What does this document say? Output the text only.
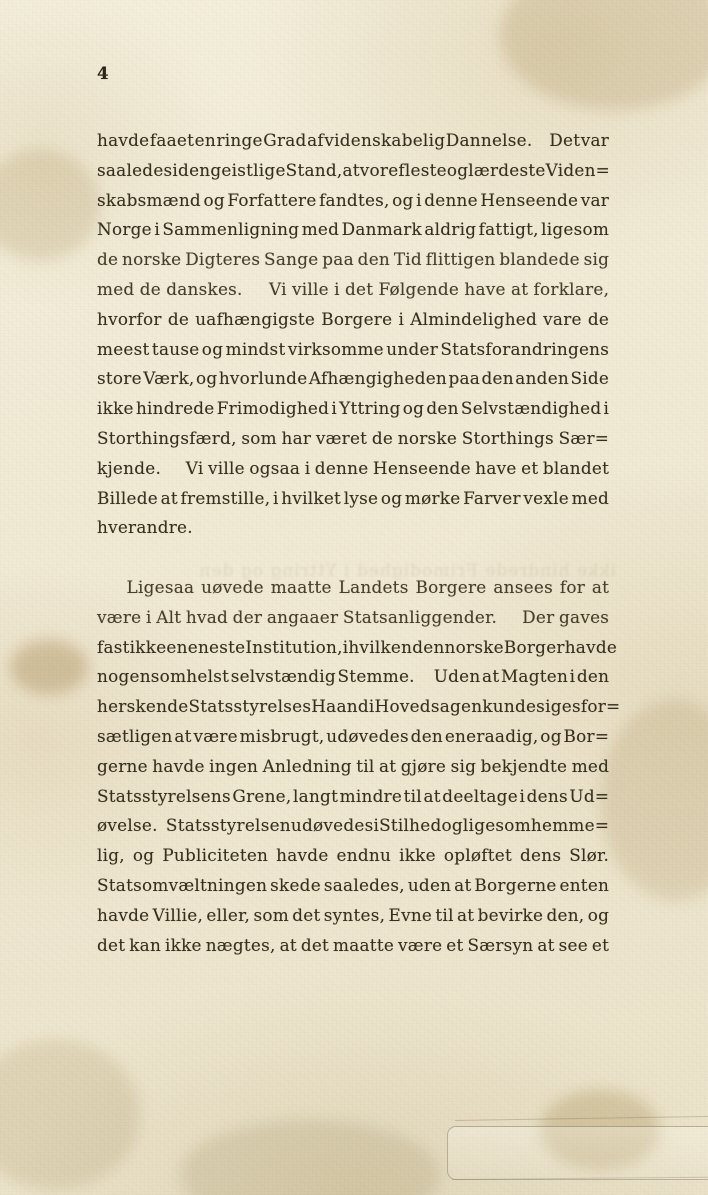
ikke hindrede Frimodighed i Yttring og den
4
havde faaet en ringe Grad af videnskabelig Dannelse. Det var
saaledes i den geistlige Stand, at vore fleste og lærdeste Viden=
skabsmænd og Forfattere fandtes, og i denne Henseende var
Norge i Sammenligning med Danmark aldrig fattigt, ligesom
de norske Digteres Sange paa den Tid flittigen blandede sig
med de danskes. Vi ville i det Følgende have at forklare,
hvorfor de uafhængigste Borgere i Almindelighed vare de
meest tause og mindst virksomme under Statsforandringens
store Værk, og hvorlunde Afhængigheden paa den anden Side
ikke hindrede Frimodighed i Yttring og den Selvstændighed i
Storthingsfærd, som har været de norske Storthings Sær=
kjende. Vi ville ogsaa i denne Henseende have et blandet
Billede at fremstille, i hvilket lyse og mørke Farver vexle med
hverandre.
Ligesaa uøvede maatte Landets Borgere ansees for at
være i Alt hvad der angaaer Statsanliggender. Der gaves
fast ikke en eneste Institution, i hvilken den norske Borger havde
nogensomhelst selvstændig Stemme. Uden at Magten i den
herskende Statsstyrelses Haand i Hovedsagen kunde siges for=
sætligen at være misbrugt, udøvedes den eneraadig, og Bor=
gerne havde ingen Anledning til at gjøre sig bekjendte med
Statsstyrelsens Grene, langt mindre til at deeltage i dens Ud=
øvelse. Statsstyrelsen udøvedes i Stilhed og ligesom hemme=
lig, og Publiciteten havde endnu ikke opløftet dens Slør.
Statsomvæltningen skede saaledes, uden at Borgerne enten
havde Villie, eller, som det syntes, Evne til at bevirke den, og
det kan ikke nægtes, at det maatte være et Særsyn at see et
